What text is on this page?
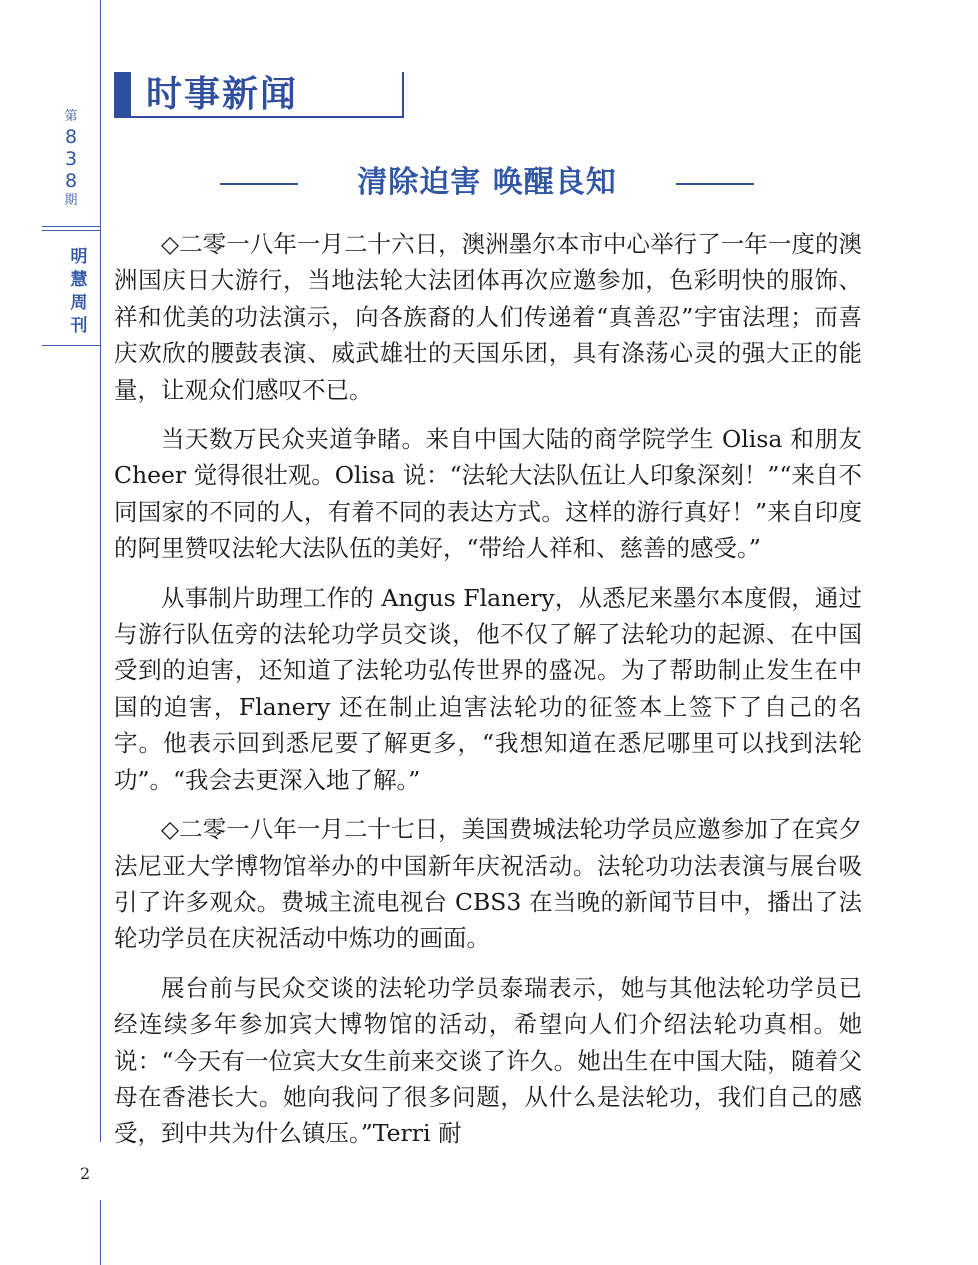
第
8
3
8
期
明
慧
周
刊
2
时事新闻
清除迫害 唤醒良知

◇二零一八年一月二十六日，澳洲墨尔本市中心举行了一年一度的澳洲国庆日大游行，当地法轮大法团体再次应邀参加，色彩明快的服饰、祥和优美的功法演示，向各族裔的人们传递着“真善忍”宇宙法理；而喜庆欢欣的腰鼓表演、威武雄壮的天国乐团，具有涤荡心灵的强大正的能量，让观众们感叹不已。

当天数万民众夹道争睹。来自中国大陆的商学院学生 Olisa 和朋友 Cheer 觉得很壮观。Olisa 说：“法轮大法队伍让人印象深刻！”“来自不同国家的不同的人，有着不同的表达方式。这样的游行真好！”来自印度的阿里赞叹法轮大法队伍的美好，“带给人祥和、慈善的感受。”

从事制片助理工作的 Angus Flanery，从悉尼来墨尔本度假，通过与游行队伍旁的法轮功学员交谈，他不仅了解了法轮功的起源、在中国受到的迫害，还知道了法轮功弘传世界的盛况。为了帮助制止发生在中国的迫害，Flanery 还在制止迫害法轮功的征签本上签下了自己的名字。他表示回到悉尼要了解更多，“我想知道在悉尼哪里可以找到法轮功”。“我会去更深入地了解。”

◇二零一八年一月二十七日，美国费城法轮功学员应邀参加了在宾夕法尼亚大学博物馆举办的中国新年庆祝活动。法轮功功法表演与展台吸引了许多观众。费城主流电视台 CBS3 在当晚的新闻节目中，播出了法轮功学员在庆祝活动中炼功的画面。

展台前与民众交谈的法轮功学员泰瑞表示，她与其他法轮功学员已经连续多年参加宾大博物馆的活动，希望向人们介绍法轮功真相。她说：“今天有一位宾大女生前来交谈了许久。她出生在中国大陆，随着父母在香港长大。她向我问了很多问题，从什么是法轮功，我们自己的感受，到中共为什么镇压。”Terri 耐
